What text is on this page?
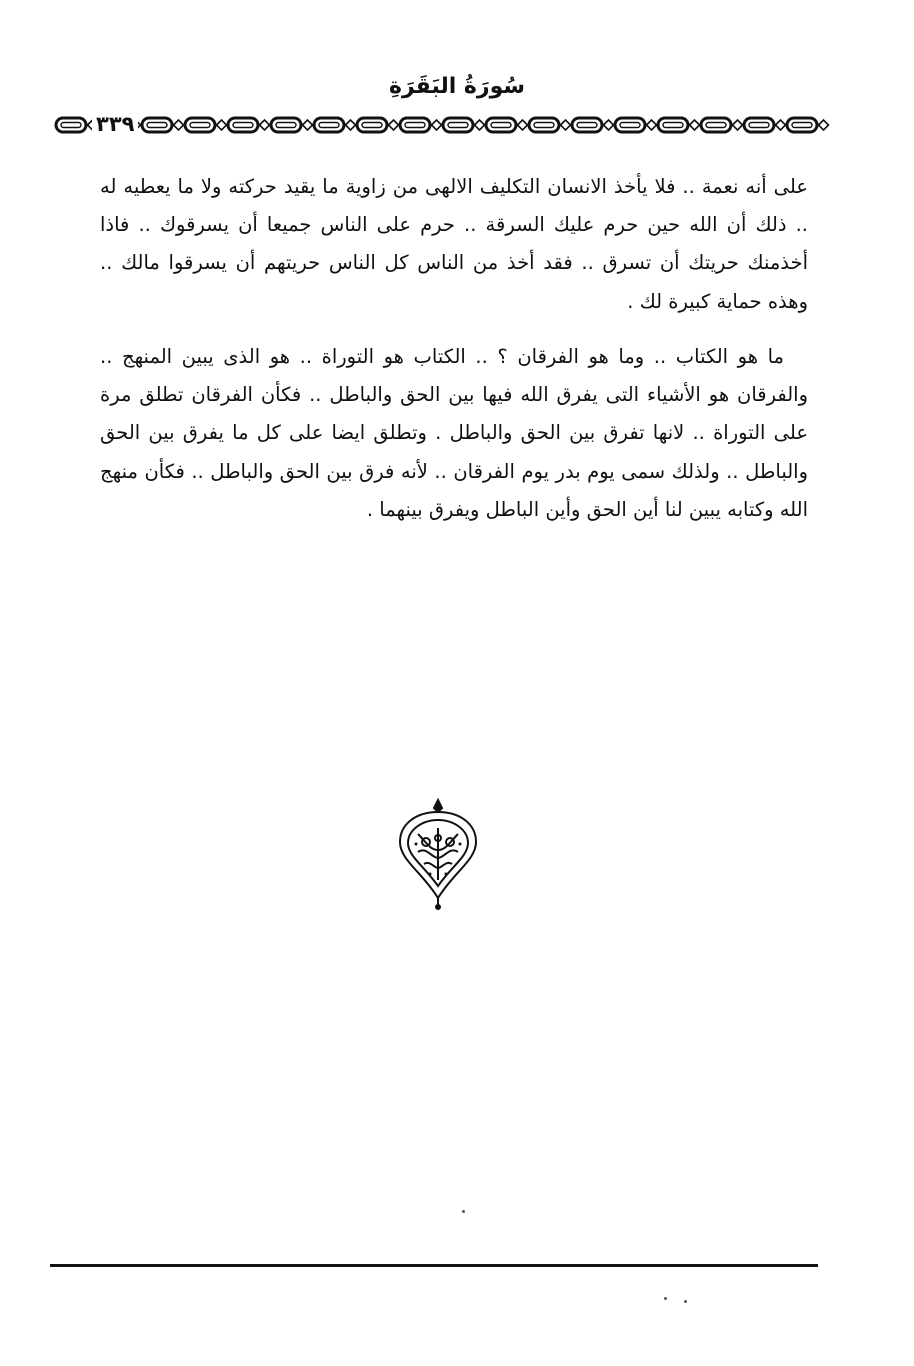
سُورَةُ البَقَرَةِ
٣٣٩

على أنه نعمة .. فلا يأخذ الانسان التكليف الالهى من زاوية ما يقيد حركته ولا ما يعطيه له .. ذلك أن الله حين حرم عليك السرقة .. حرم على الناس جميعا أن يسرقوك .. فاذا أخذمنك حريتك أن تسرق .. فقد أخذ من الناس كل الناس حريتهم أن يسرقوا مالك .. وهذه حماية كبيرة لك .

ما هو الكتاب .. وما هو الفرقان ؟ .. الكتاب هو التوراة .. هو الذى يبين المنهج .. والفرقان هو الأشياء التى يفرق الله فيها بين الحق والباطل .. فكأن الفرقان تطلق مرة على التوراة .. لانها تفرق بين الحق والباطل . وتطلق ايضا على كل ما يفرق بين الحق والباطل .. ولذلك سمى يوم بدر يوم الفرقان .. لأنه فرق بين الحق والباطل .. فكأن منهج الله وكتابه يبين لنا أين الحق وأين الباطل ويفرق بينهما .
